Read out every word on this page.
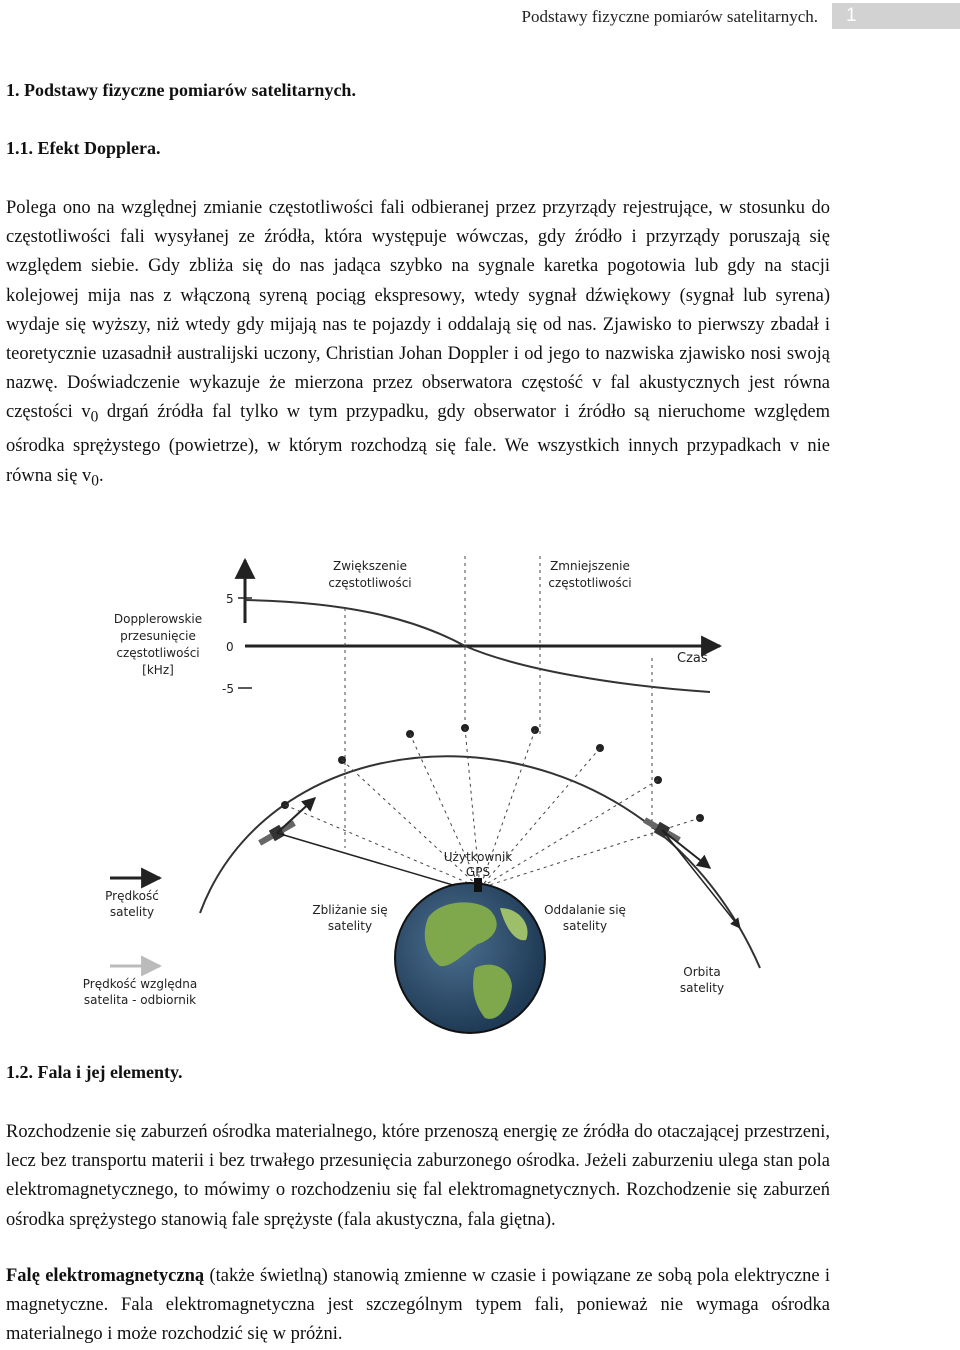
Podstawy fizyczne pomiarów satelitarnych.	1
1. Podstawy fizyczne pomiarów satelitarnych.
1.1. Efekt Dopplera.

Polega ono na względnej zmianie częstotliwości fali odbieranej przez przyrządy rejestrujące, w stosunku do częstotliwości fali wysyłanej ze źródła, która występuje wówczas, gdy źródło i przyrządy poruszają się względem siebie. Gdy zbliża się do nas jadąca szybko na sygnale karetka pogotowia lub gdy na stacji kolejowej mija nas z włączoną syreną pociąg ekspresowy, wtedy sygnał dźwiękowy (sygnał lub syrena) wydaje się wyższy, niż wtedy gdy mijają nas te pojazdy i oddalają się od nas. Zjawisko to pierwszy zbadał i teoretycznie uzasadnił australijski uczony, Christian Johan Doppler i od jego to nazwiska zjawisko nosi swoją nazwę. Doświadczenie wykazuje że mierzona przez obserwatora częstość v fal akustycznych jest równa częstości $v_0$ drgań źródła fal tylko w tym przypadku, gdy obserwator i źródło są nieruchome względem ośrodka sprężystego (powietrze), w którym rozchodzą się fale. We wszystkich innych przypadkach v nie równa się $v_0$.

5
0
-5
Czas
Dopplerowskie
przesunięcie
częstotliwości
[kHz]
Zwiększenie
częstotliwości
Zmniejszenie
częstotliwości
Użytkownik
GPS
Zbliżanie się
satelity
Oddalanie się
satelity
Orbita
satelity
Prędkość
satelity
Prędkość względna
satelita - odbiornik
1.2. Fala i jej elementy.

Rozchodzenie się zaburzeń ośrodka materialnego, które przenoszą energię ze źródła do otaczającej przestrzeni, lecz bez transportu materii i bez trwałego przesunięcia zaburzonego ośrodka. Jeżeli zaburzeniu ulega stan pola elektromagnetycznego, to mówimy o rozchodzeniu się fal elektromagnetycznych. Rozchodzenie się zaburzeń ośrodka sprężystego stanowią fale sprężyste (fala akustyczna, fala giętna).

Falę elektromagnetyczną (także świetlną) stanowią zmienne w czasie i powiązane ze sobą pola elektryczne i magnetyczne. Fala elektromagnetyczna jest szczególnym typem fali, ponieważ nie wymaga ośrodka materialnego i może rozchodzić się w próżni.
